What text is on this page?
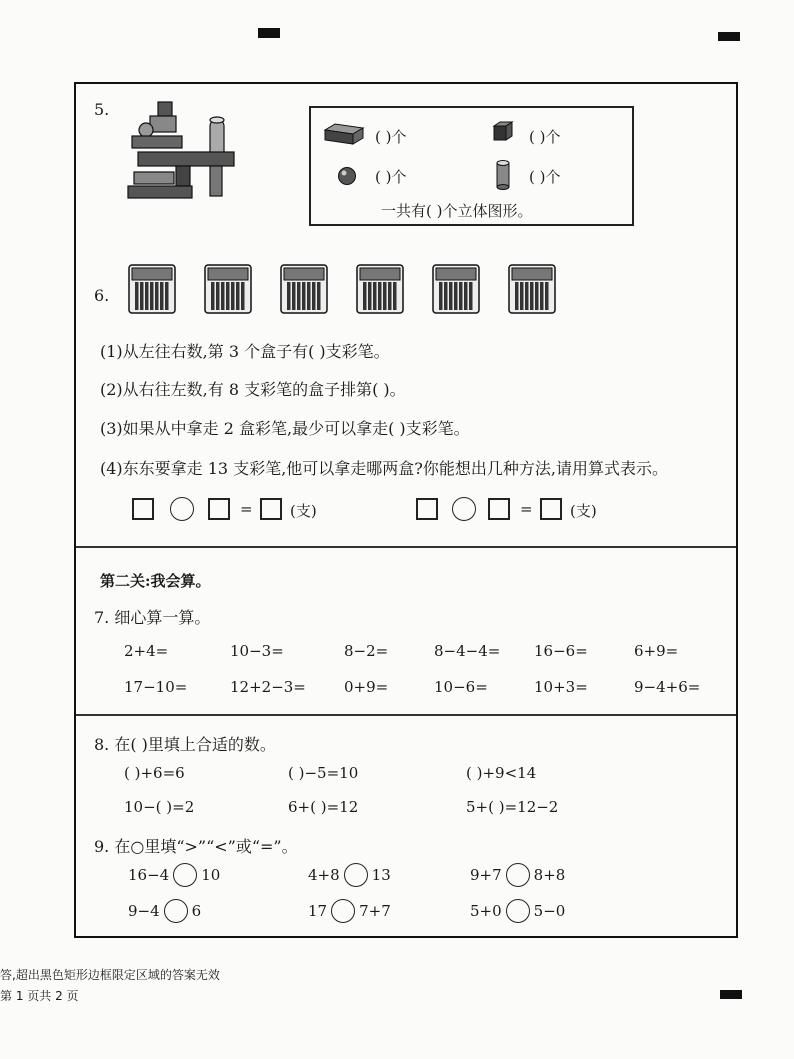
5.
( )个	( )个
( )个	( )个
一共有( )个立体图形。
6.
(1)从左往右数,第 3 个盒子有( )支彩笔。
(2)从右往左数,有 8 支彩笔的盒子排第( )。
(3)如果从中拿走 2 盒彩笔,最少可以拿走( )支彩笔。
(4)东东要拿走 13 支彩笔,他可以拿走哪两盒?你能想出几种方法,请用算式表示。
= (支)	= (支)
第二关:我会算。
7. 细心算一算。
2+4=	10−3=	8−2=	8−4−4= 16−6=	6+9=
17−10=	12+2−3=	0+9=	10−6=	10+3=	9−4+6=
8. 在( )里填上合适的数。
( )+6=6	( )−5=10	( )+9<14
10−( )=2	6+( )=12	5+( )=12−2
9. 在○里填“>”“<”或“=”。
16−4 10	4+8 13	9+7 8+8
9−4 6	17 7+7	5+0 5−0
答,超出黑色矩形边框限定区域的答案无效
第 1 页共 2 页
